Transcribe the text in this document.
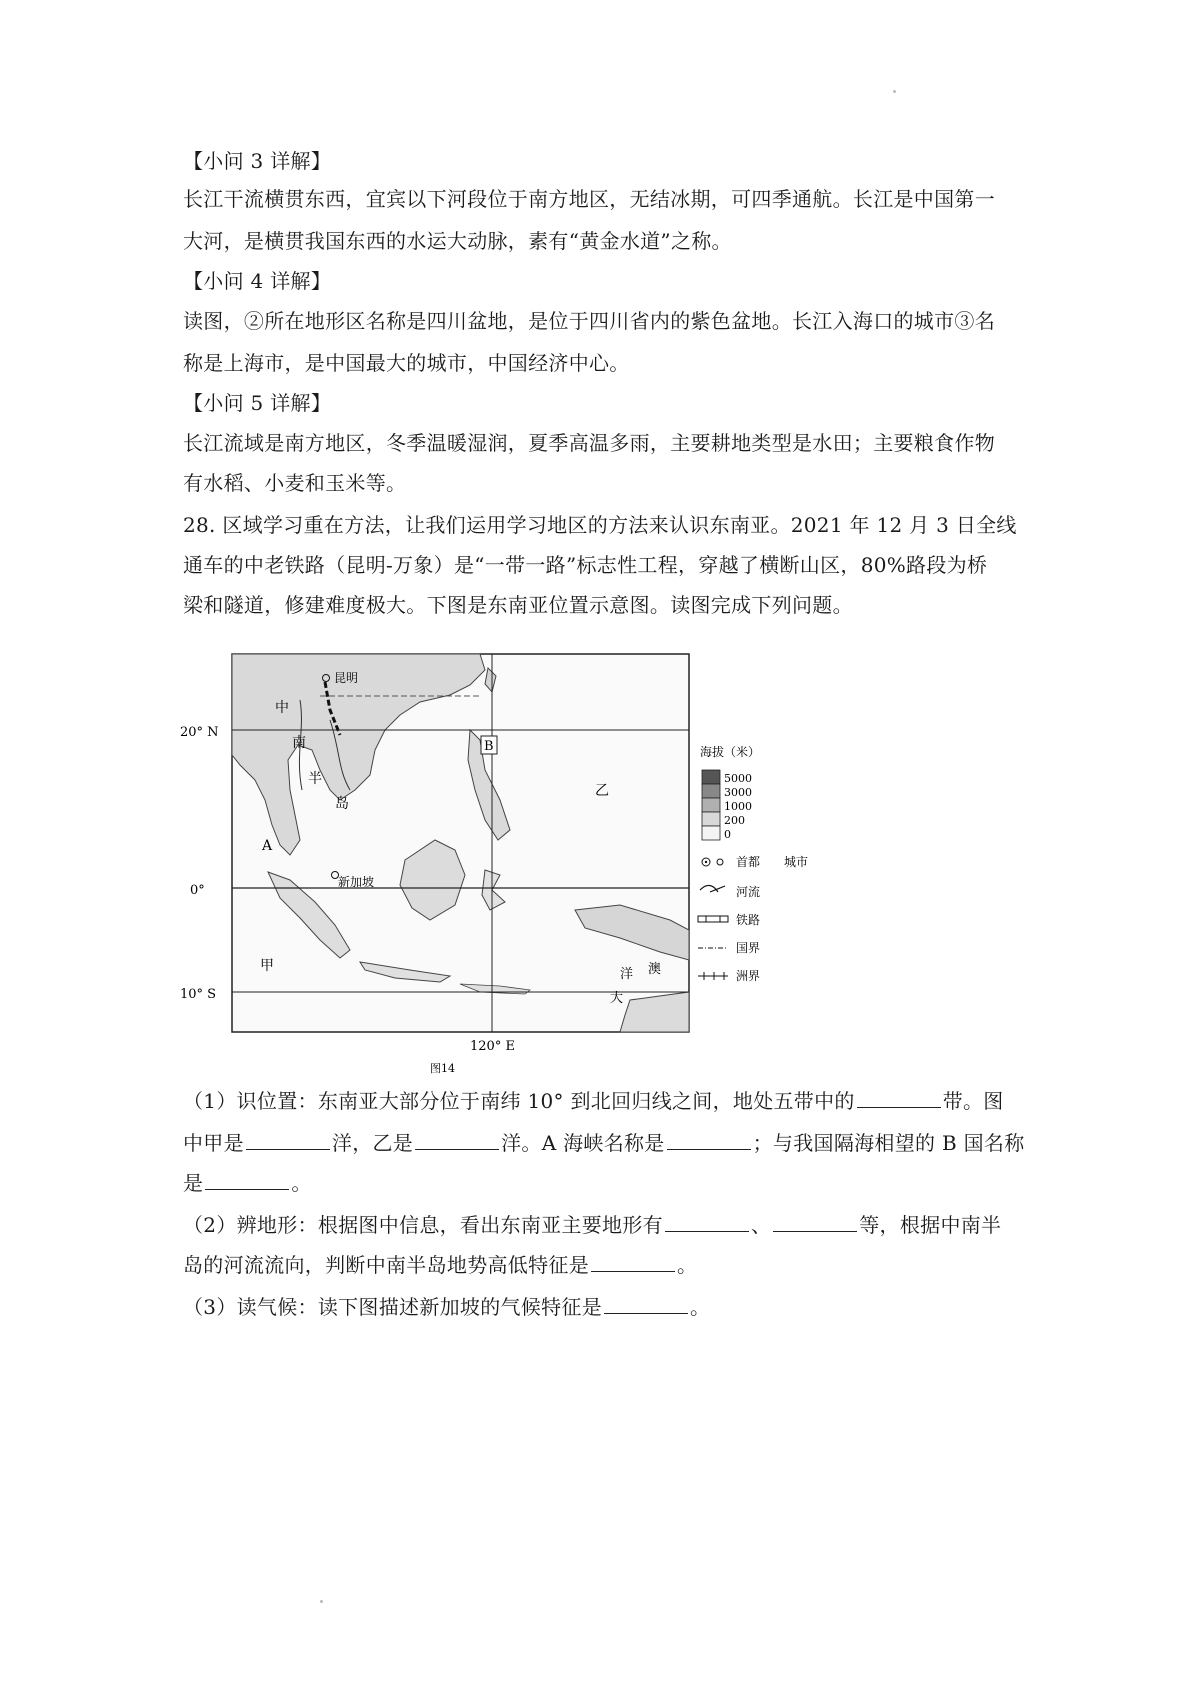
【小问 3 详解】
长江干流横贯东西，宜宾以下河段位于南方地区，无结冰期，可四季通航。长江是中国第一
大河，是横贯我国东西的水运大动脉，素有“黄金水道”之称。
【小问 4 详解】
读图，②所在地形区名称是四川盆地，是位于四川省内的紫色盆地。长江入海口的城市③名
称是上海市，是中国最大的城市，中国经济中心。
【小问 5 详解】
长江流域是南方地区，冬季温暖湿润，夏季高温多雨，主要耕地类型是水田；主要粮食作物
有水稻、小麦和玉米等。
28. 区域学习重在方法，让我们运用学习地区的方法来认识东南亚。2021 年 12 月 3 日全线
通车的中老铁路（昆明-万象）是“一带一路”标志性工程，穿越了横断山区，80%路段为桥
梁和隧道，修建难度极大。下图是东南亚位置示意图。读图完成下列问题。
20° N
0°
10° S
120° E
图14
昆明
中
南
半
岛
A
B
新加坡
甲
乙
澳
洋
大
海拔（米）
5000
3000
1000
200
0
首都 城市
河流
铁路
国界
洲界
（1）识位置：东南亚大部分位于南纬 10° 到北回归线之间，地处五带中的	带。图
中甲是	洋，乙是	洋。A 海峡名称是	；与我国隔海相望的 B 国名称
是	。
（2）辨地形：根据图中信息，看出东南亚主要地形有	、	等，根据中南半
岛的河流流向，判断中南半岛地势高低特征是	。
（3）读气候：读下图描述新加坡的气候特征是	。
